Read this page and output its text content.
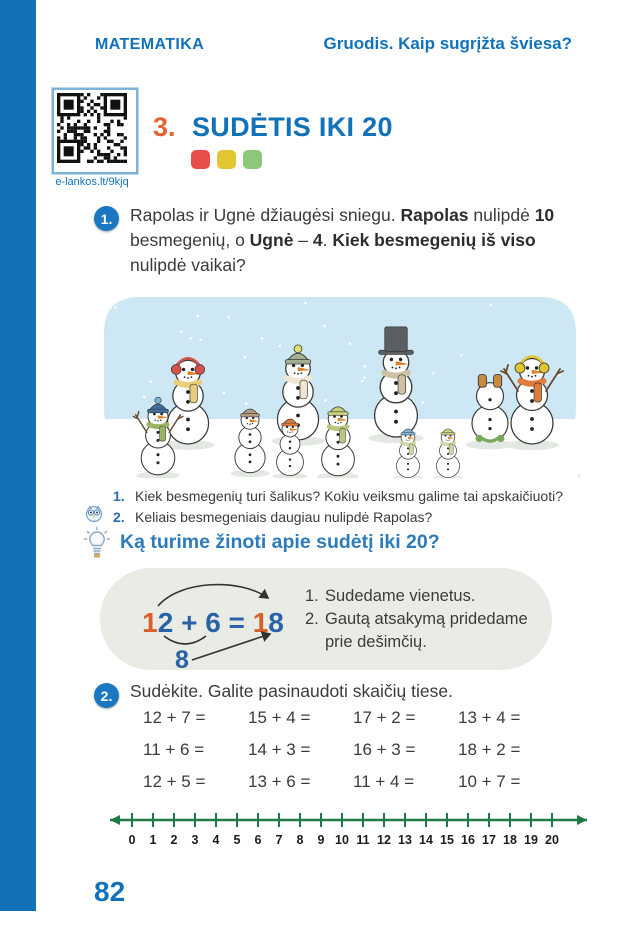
MATEMATIKA	Gruodis. Kaip sugrįžta šviesa?
e-lankos.lt/9kjq
3. SUDĖTIS IKI 20
1.	Rapolas ir Ugnė džiaugėsi sniegu. Rapolas nulipdė 10 besmegenių, o Ugnė – 4. Kiek besmegenių iš viso nulipdė vaikai?
1. Kiek besmegenių turi šalikus? Kokiu veiksmu galime tai apskaičiuoti?
2. Keliais besmegeniais daugiau nulipdė Rapolas?
Ką turime žinoti apie sudėtį iki 20?
12 + 6 = 18
8
1. Sudedame vienetus.
2. Gautą atsakymą pridedame prie dešimčių.
2.	Sudėkite. Galite pasinaudoti skaičių tiese.
12 + 7 =	15 + 4 =	17 + 2 =	13 + 4 =
11 + 6 =	14 + 3 =	16 + 3 =	18 + 2 =
12 + 5 =	13 + 6 =	11 + 4 =	10 + 7 =
0 1 2 3 4 5 6 7 8 9 10 11 12 13 14 15 16 17 18 19 20
82
